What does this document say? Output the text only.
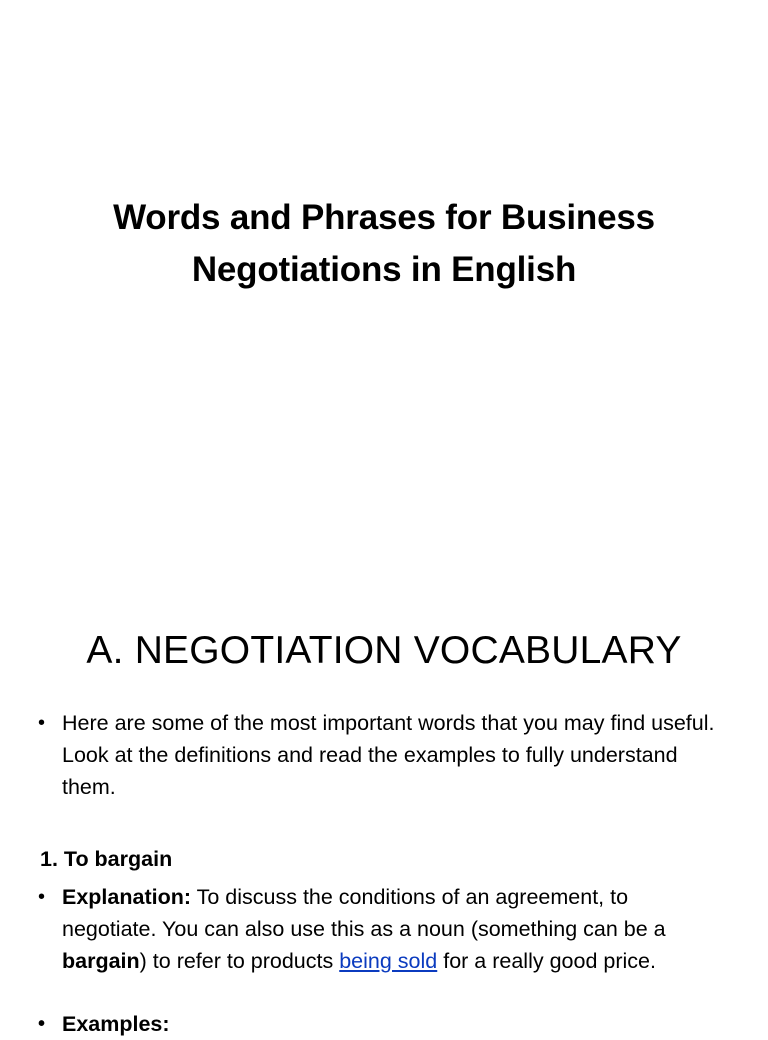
Words and Phrases for Business
Negotiations in English
A. NEGOTIATION VOCABULARY
• Here are some of the most important words that you may find useful. Look at the definitions and read the examples to fully understand them.
1. To bargain
• Explanation: To discuss the conditions of an agreement, to negotiate. You can also use this as a noun (something can be a bargain) to refer to products being sold for a really good price.
• Examples:
